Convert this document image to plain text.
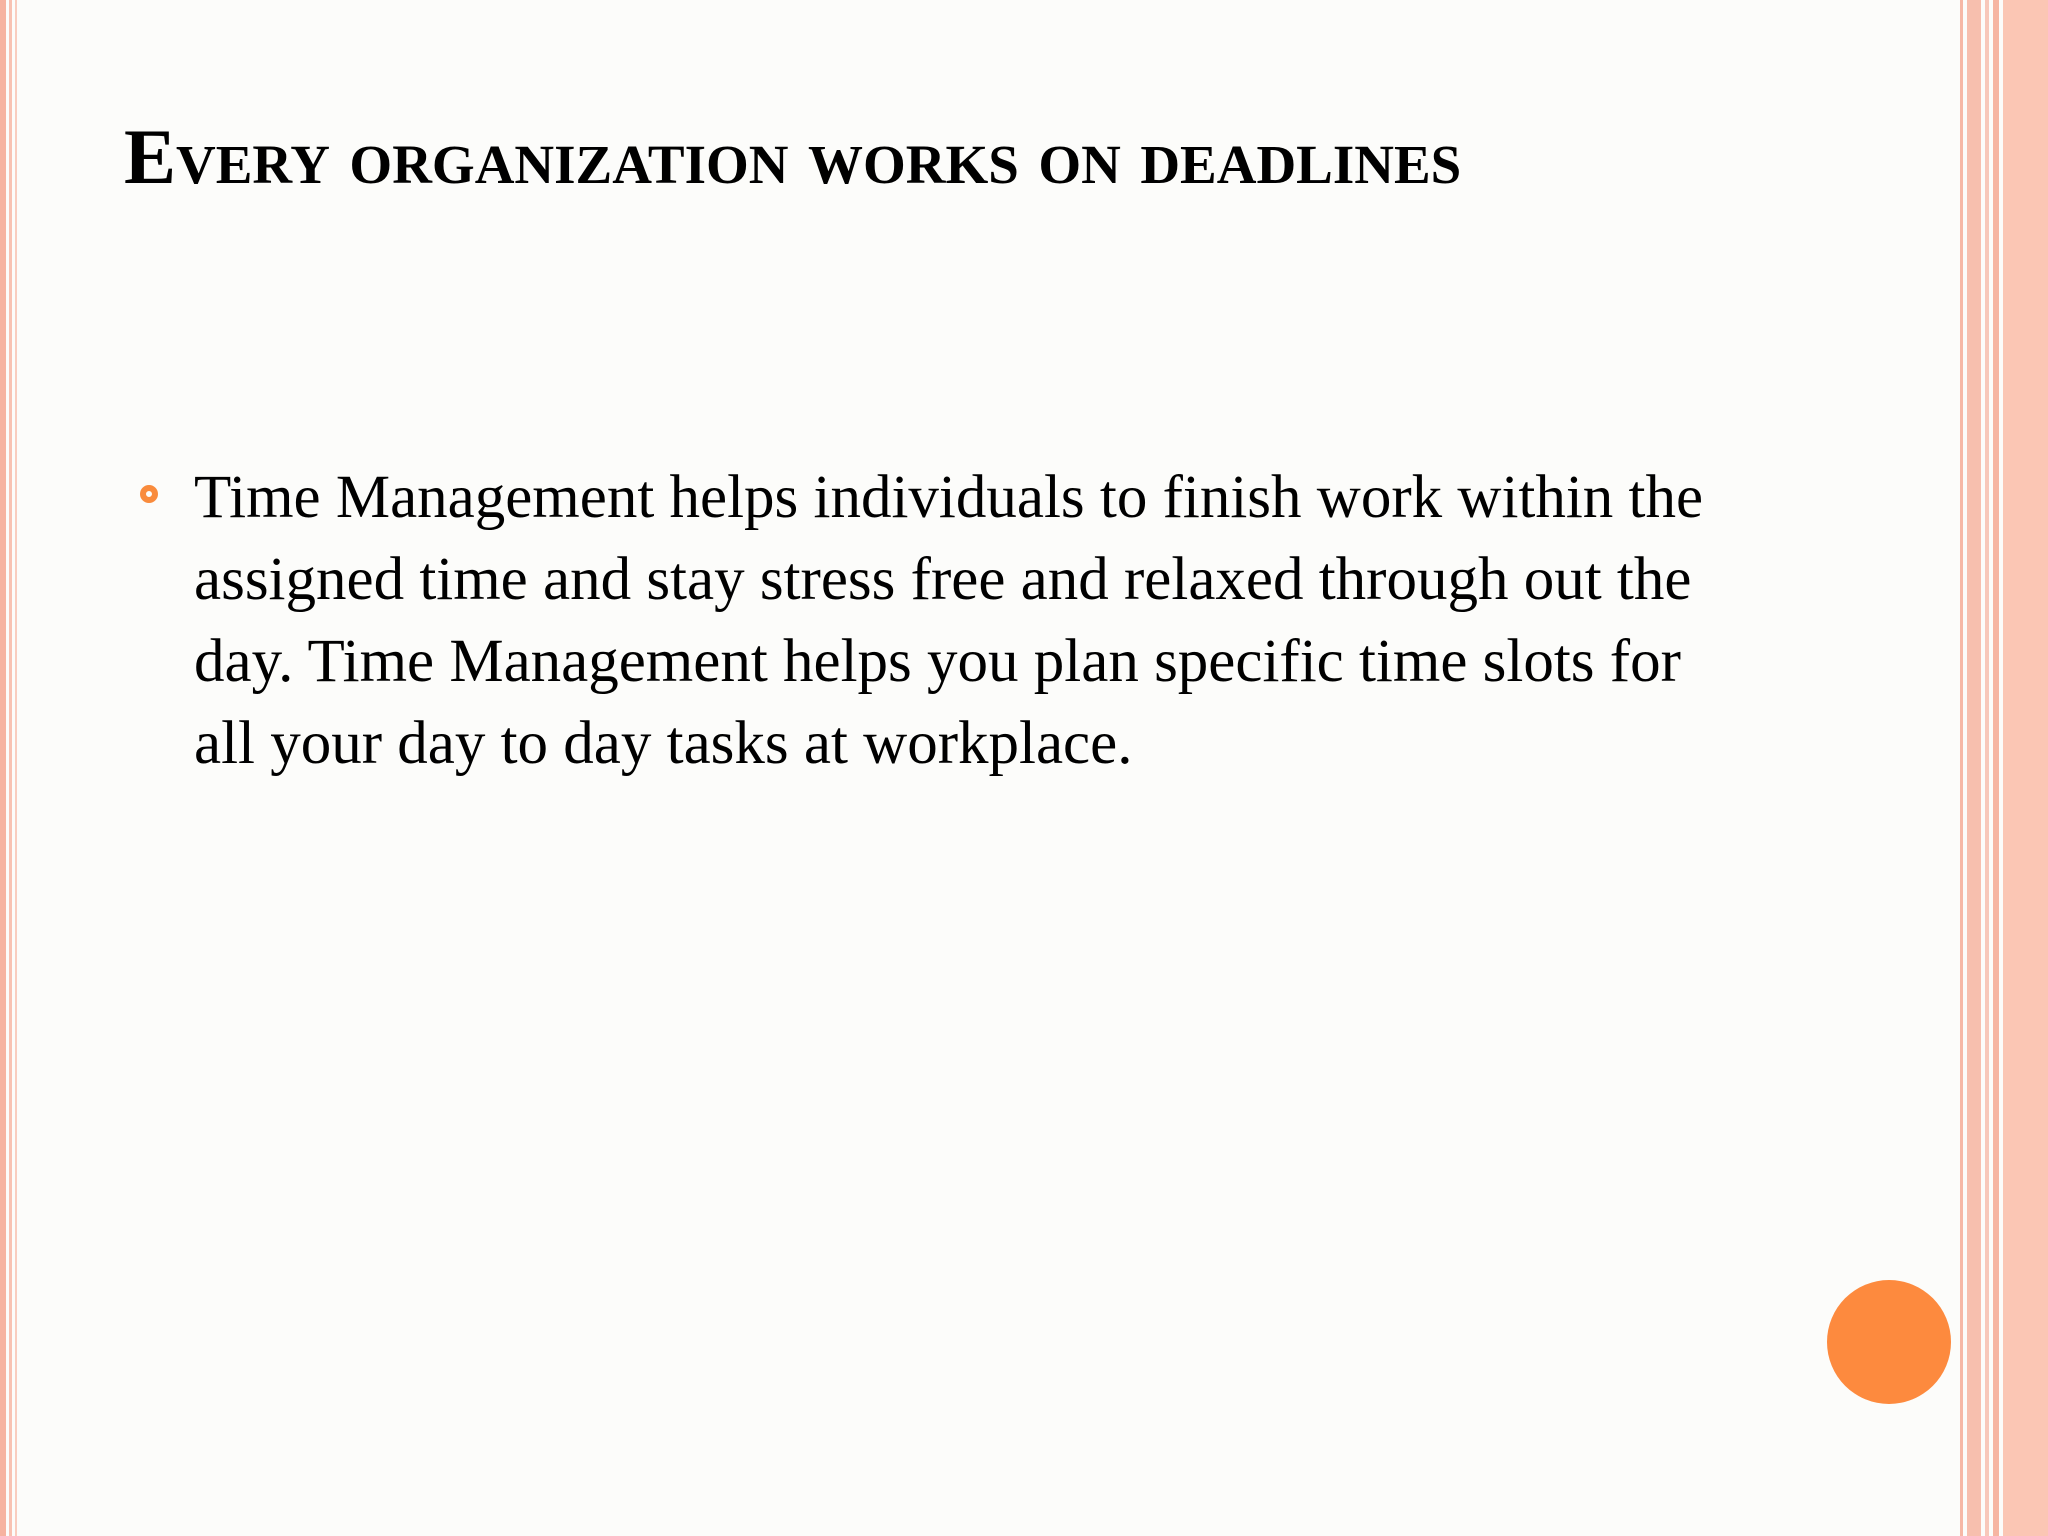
Every organization works on deadlines

Time Management helps individuals to finish work within the assigned time and stay stress free and relaxed through out the day. Time Management helps you plan specific time slots for all your day to day tasks at workplace.
